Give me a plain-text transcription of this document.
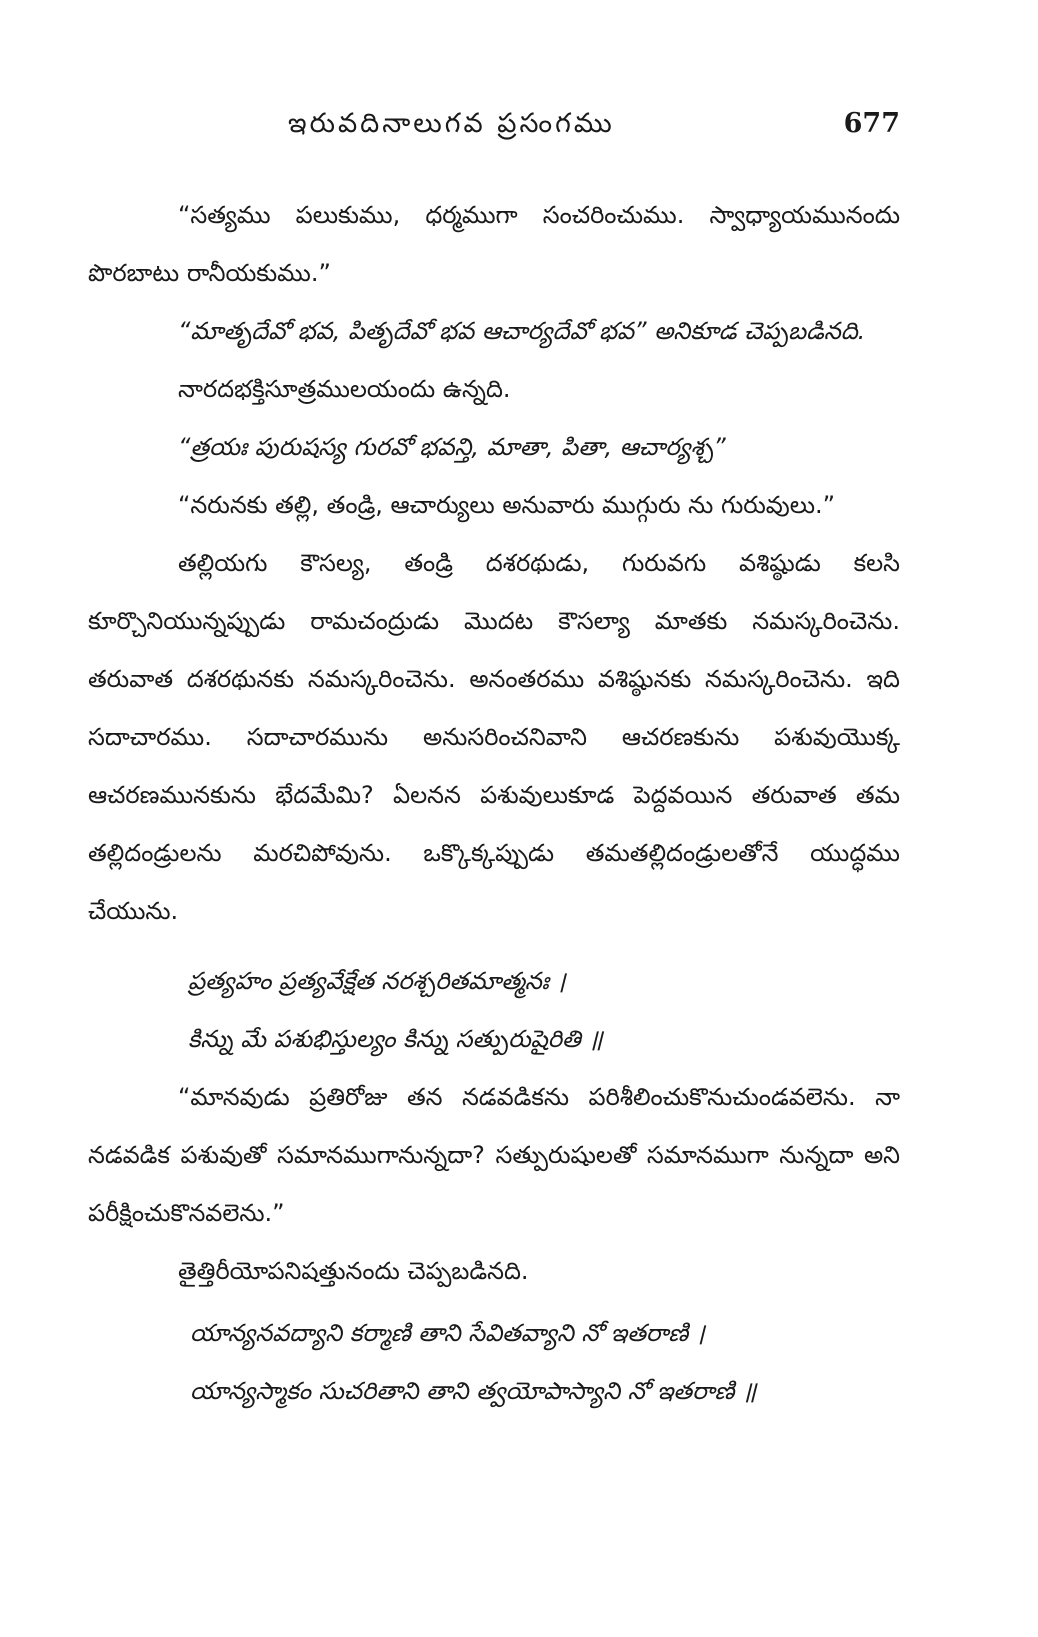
ఇరువదినాలుగవ ప్రసంగము	677

“సత్యము పలుకుము, ధర్మముగా సంచరించుము. స్వాధ్యాయమునందు పొరబాటు రానీయకుము.”

“మాతృదేవో భవ, పితృదేవో భవ ఆచార్యదేవో భవ” అనికూడ చెప్పబడినది.

నారదభక్తిసూత్రములయందు ఉన్నది.

“త్రయః పురుషస్య గురవో భవన్తి, మాతా, పితా, ఆచార్యశ్చ”

“నరునకు తల్లి, తండ్రి, ఆచార్యులు అనువారు ముగ్గురు ను గురువులు.”

తల్లియగు కౌసల్య, తండ్రి దశరథుడు, గురువగు వశిష్ఠుడు కలసి కూర్చొనియున్నప్పుడు రామచంద్రుడు మొదట కౌసల్యా మాతకు నమస్కరించెను. తరువాత దశరథునకు నమస్కరించెను. అనంతరము వశిష్ఠునకు నమస్కరించెను. ఇది సదాచారము. సదాచారమును అనుసరించనివాని ఆచరణకును పశువుయొక్క ఆచరణమునకును భేదమేమి? ఏలనన పశువులుకూడ పెద్దవయిన తరువాత తమ తల్లిదండ్రులను మరచిపోవును. ఒక్కొక్కప్పుడు తమతల్లిదండ్రులతోనే యుద్ధము చేయును.

ప్రత్యహం ప్రత్యవేక్షేత నరశ్చరితమాత్మనః ।

కిన్ను మే పశుభిస్తుల్యం కిన్ను సత్పురుషైరితి ॥

“మానవుడు ప్రతిరోజు తన నడవడికను పరిశీలించుకొనుచుండవలెను. నా నడవడిక పశువుతో సమానముగానున్నదా? సత్పురుషులతో సమానముగా నున్నదా అని పరీక్షించుకొనవలెను.”

తైత్తిరీయోపనిషత్తునందు చెప్పబడినది.

యాన్యనవద్యాని కర్మాణి తాని సేవితవ్యాని నో ఇతరాణి ।

యాన్యస్మాకం సుచరితాని తాని త్వయోపాస్యాని నో ఇతరాణి ॥
